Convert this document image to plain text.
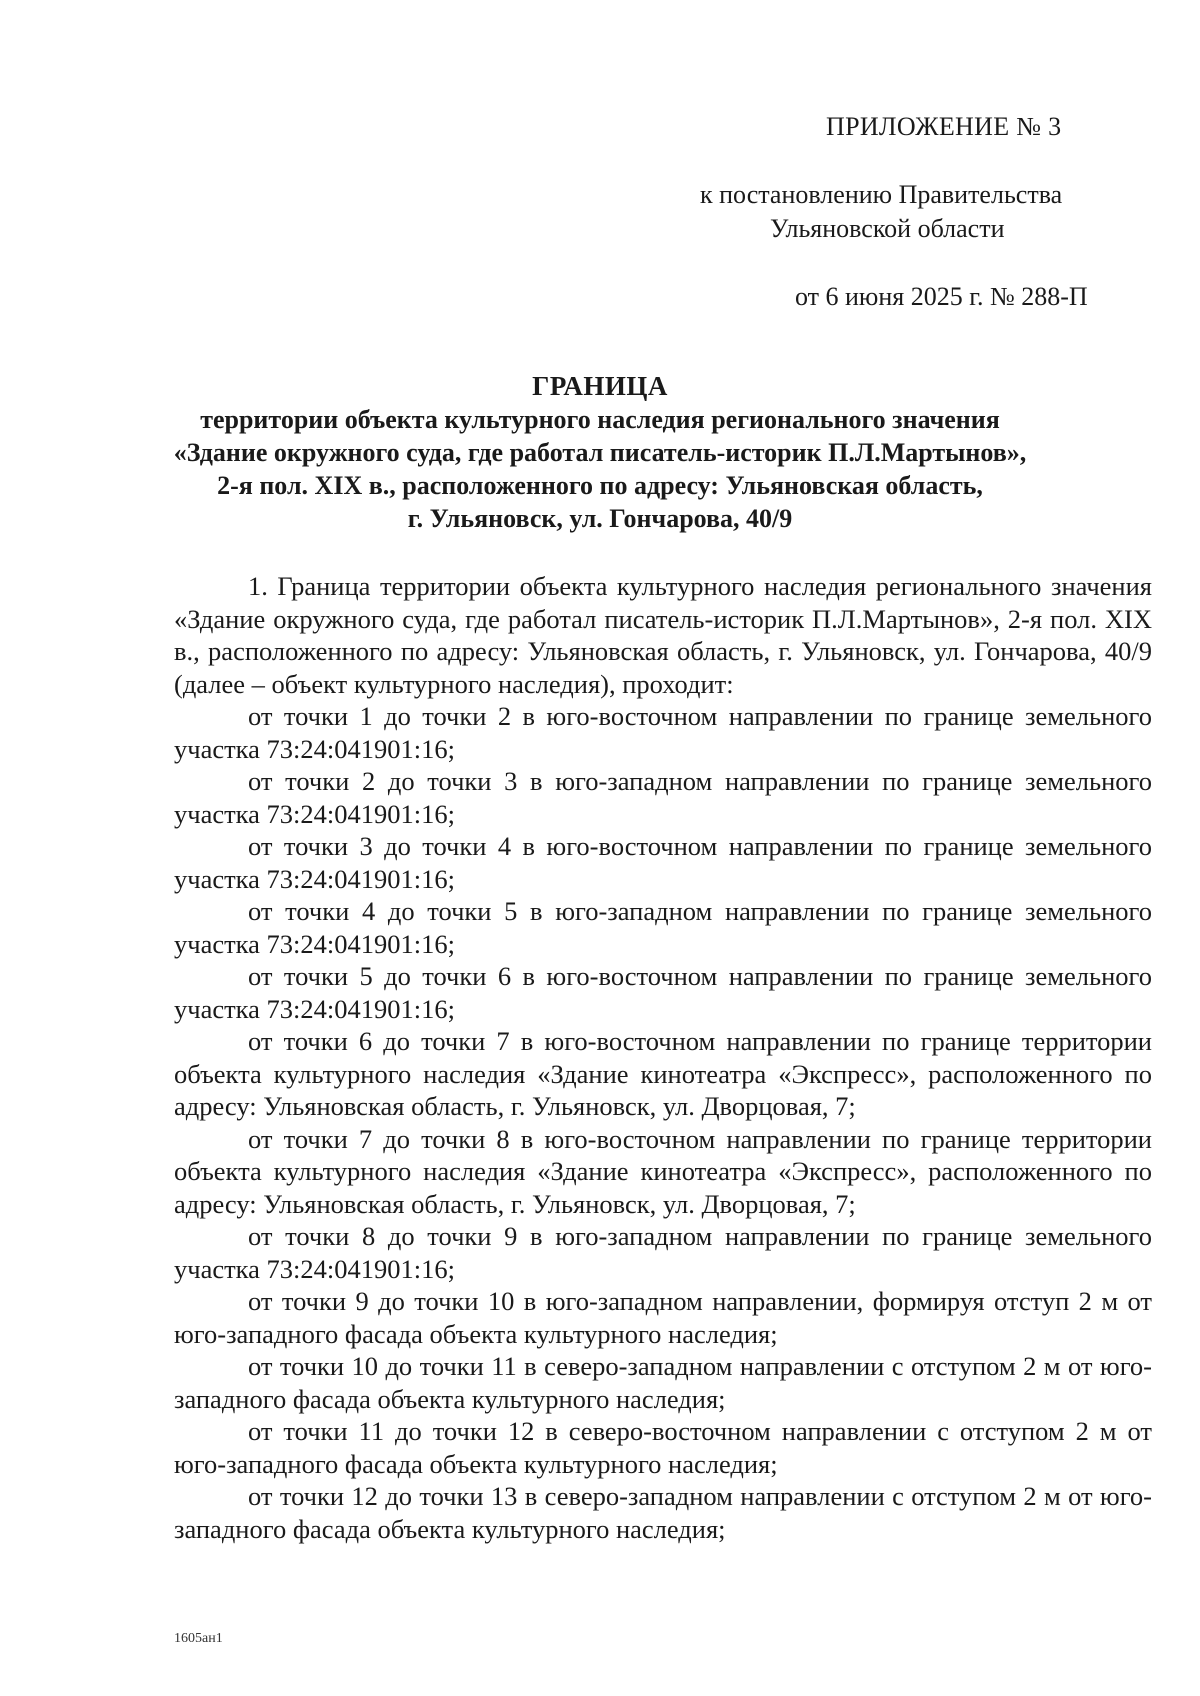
ПРИЛОЖЕНИЕ № 3
к постановлению Правительства
Ульяновской области
от 6 июня 2025 г. № 288-П
ГРАНИЦА
территории объекта культурного наследия регионального значения
«Здание окружного суда, где работал писатель-историк П.Л.Мартынов»,
2-я пол. XIX в., расположенного по адресу: Ульяновская область,
г. Ульяновск, ул. Гончарова, 40/9

1. Граница территории объекта культурного наследия регионального значения «Здание окружного суда, где работал писатель-историк П.Л.Мартынов», 2-я пол. XIX в., расположенного по адресу: Ульяновская область, г. Ульяновск, ул. Гончарова, 40/9 (далее – объект культурного наследия), проходит:

от точки 1 до точки 2 в юго-восточном направлении по границе земельного участка 73:24:041901:16;

от точки 2 до точки 3 в юго-западном направлении по границе земельного участка 73:24:041901:16;

от точки 3 до точки 4 в юго-восточном направлении по границе земельного участка 73:24:041901:16;

от точки 4 до точки 5 в юго-западном направлении по границе земельного участка 73:24:041901:16;

от точки 5 до точки 6 в юго-восточном направлении по границе земельного участка 73:24:041901:16;

от точки 6 до точки 7 в юго-восточном направлении по границе территории объекта культурного наследия «Здание кинотеатра «Экспресс», расположенного по адресу: Ульяновская область, г. Ульяновск, ул. Дворцовая, 7;

от точки 7 до точки 8 в юго-восточном направлении по границе территории объекта культурного наследия «Здание кинотеатра «Экспресс», расположенного по адресу: Ульяновская область, г. Ульяновск, ул. Дворцовая, 7;

от точки 8 до точки 9 в юго-западном направлении по границе земельного участка 73:24:041901:16;

от точки 9 до точки 10 в юго-западном направлении, формируя отступ 2 м от юго-западного фасада объекта культурного наследия;

от точки 10 до точки 11 в северо-западном направлении с отступом 2 м от юго-западного фасада объекта культурного наследия;

от точки 11 до точки 12 в северо-восточном направлении с отступом 2 м от юго-западного фасада объекта культурного наследия;

от точки 12 до точки 13 в северо-западном направлении с отступом 2 м от юго-западного фасада объекта культурного наследия;

1605ан1
